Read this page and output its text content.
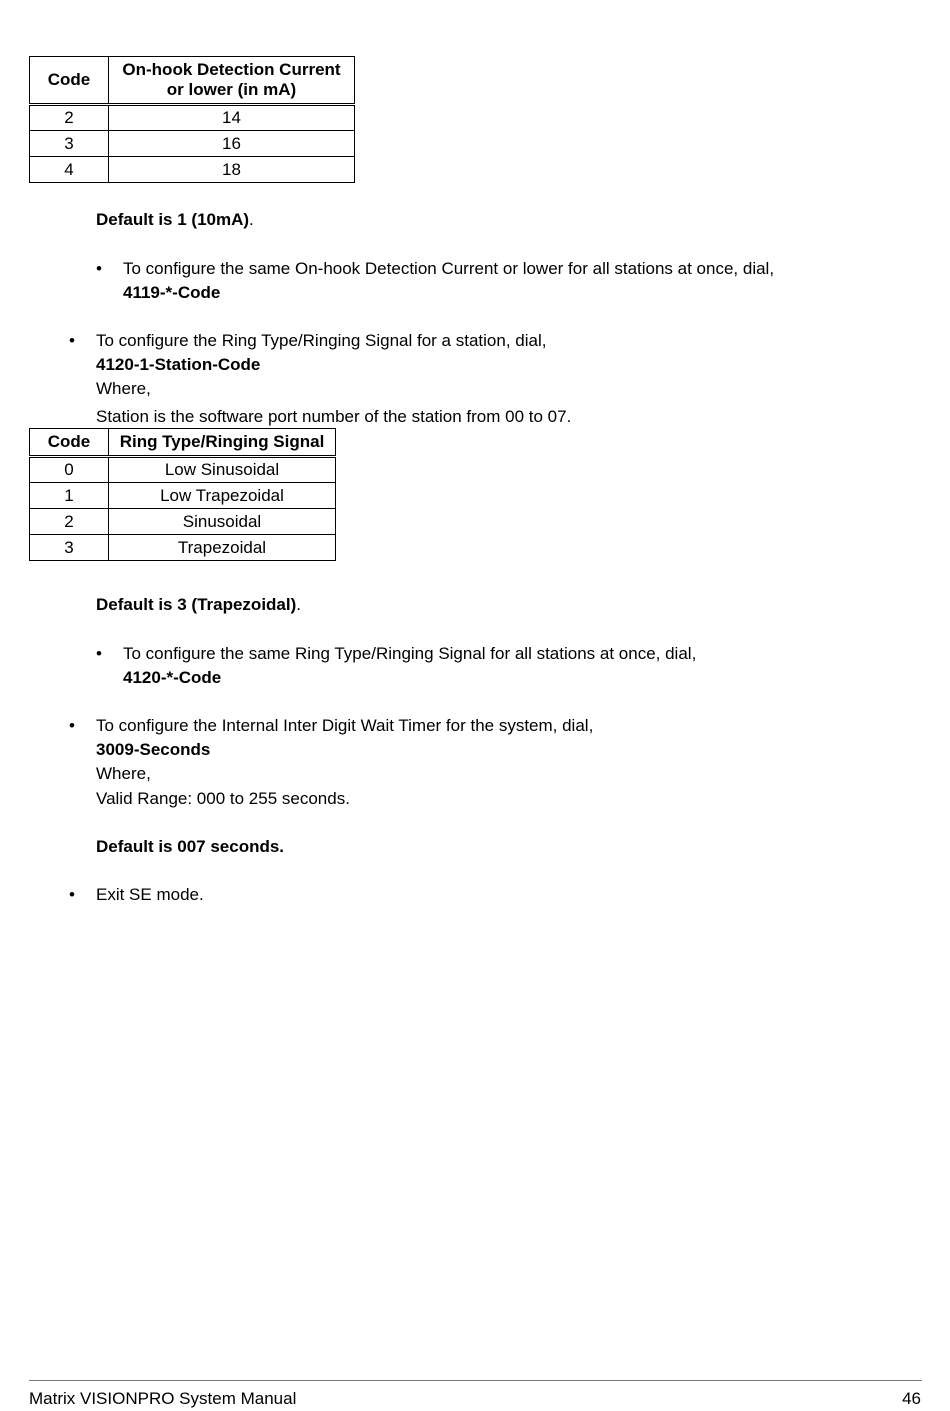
Code	On-hook Detection Current or lower (in mA)
2	14
3	16
4	18
Default is 1 (10mA).
• To configure the same On-hook Detection Current or lower for all stations at once, dial,
4119-*-Code
• To configure the Ring Type/Ringing Signal for a station, dial,
4120-1-Station-Code
Where,
Station is the software port number of the station from 00 to 07.
Code	Ring Type/Ringing Signal
0	Low Sinusoidal
1	Low Trapezoidal
2	Sinusoidal
3	Trapezoidal
Default is 3 (Trapezoidal).
• To configure the same Ring Type/Ringing Signal for all stations at once, dial,
4120-*-Code
• To configure the Internal Inter Digit Wait Timer for the system, dial,
3009-Seconds
Where,
Valid Range: 000 to 255 seconds.
Default is 007 seconds.
• Exit SE mode.
Matrix VISIONPRO System Manual	46
